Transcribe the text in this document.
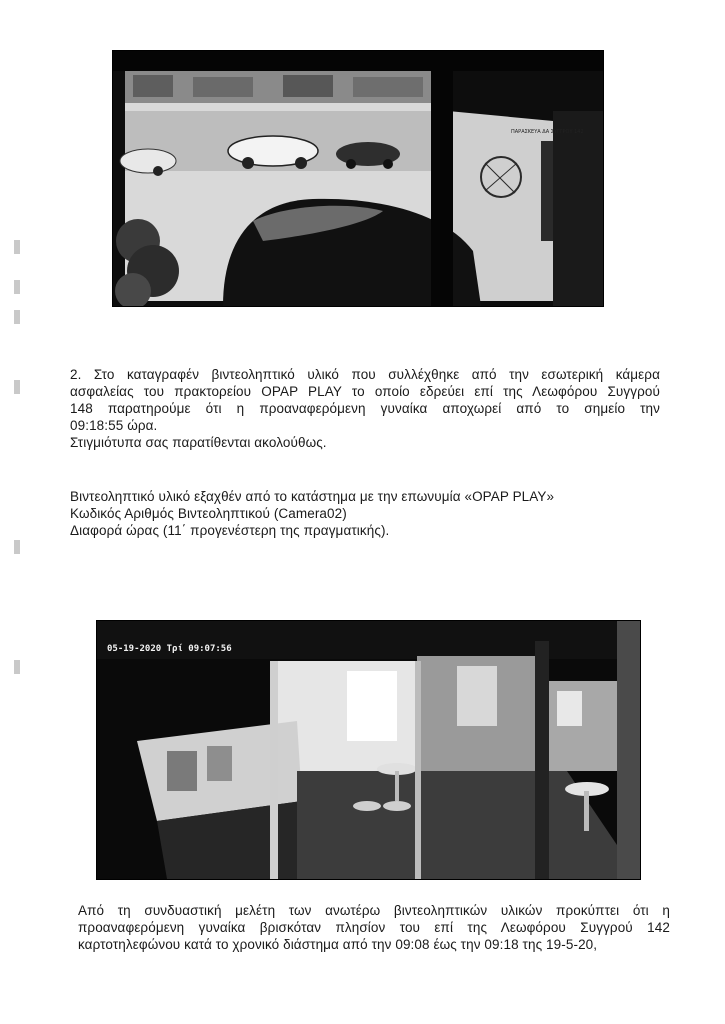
ΠΑΡΑΣΚΕΥΑ ΔΑ ΣΥΓΓΡΟΥ 142

2. Στο καταγραφέν βιντεοληπτικό υλικό που συλλέχθηκε από την εσωτερική κάμερα

ασφαλείας του πρακτορείου OPAP PLAY το οποίο εδρεύει επί της Λεωφόρου Συγγρού

148 παρατηρούμε ότι η προαναφερόμενη γυναίκα αποχωρεί από το σημείο την

09:18:55 ώρα.

Στιγμιότυπα σας παρατίθενται ακολούθως.

Βιντεοληπτικό υλικό εξαχθέν από το κατάστημα με την επωνυμία «OPAP PLAY»

Κωδικός Αριθμός Βιντεοληπτικού (Camera02)

Διαφορά ώρας (11΄ προγενέστερη της πραγματικής).

05-19-2020 Τρί 09:07:56

Από τη συνδυαστική μελέτη των ανωτέρω βιντεοληπτικών υλικών προκύπτει ότι η

προαναφερόμενη γυναίκα βρισκόταν πλησίον του επί της Λεωφόρου Συγγρού 142

καρτοτηλεφώνου κατά το χρονικό διάστημα από την 09:08 έως την 09:18 της 19-5-20,
